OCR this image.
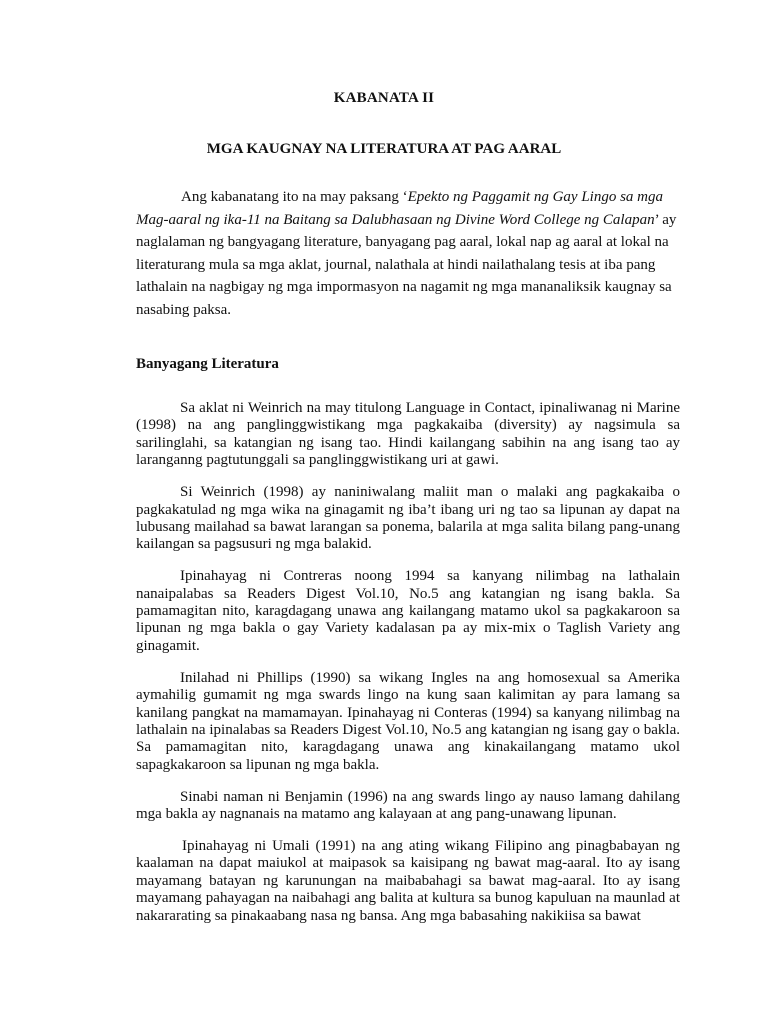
KABANATA II
MGA KAUGNAY NA LITERATURA AT PAG AARAL
Ang kabanatang ito na may paksang ‘Epekto ng Paggamit ng Gay Lingo sa mga Mag-aaral ng ika-11 na Baitang sa Dalubhasaan ng Divine Word College ng Calapan’ ay naglalaman ng bangyagang literature, banyagang pag aaral, lokal nap ag aaral at lokal na literaturang mula sa mga aklat, journal, nalathala at hindi nailathalang tesis at iba pang lathalain na nagbigay ng mga impormasyon na nagamit ng mga mananaliksik kaugnay sa nasabing paksa.
Banyagang Literatura

Sa aklat ni Weinrich na may titulong Language in Contact, ipinaliwanag ni Marine (1998) na ang panglinggwistikang mga pagkakaiba (diversity) ay nagsimula sa sarilinglahi, sa katangian ng isang tao. Hindi kailangang sabihin na ang isang tao ay laranganng pagtutunggali sa panglinggwistikang uri at gawi.

Si Weinrich (1998) ay naniniwalang maliit man o malaki ang pagkakaiba o pagkakatulad ng mga wika na ginagamit ng iba’t ibang uri ng tao sa lipunan ay dapat na lubusang mailahad sa bawat larangan sa ponema, balarila at mga salita bilang pang-unang kailangan sa pagsusuri ng mga balakid.

Ipinahayag ni Contreras noong 1994 sa kanyang nilimbag na lathalain nanaipalabas sa Readers Digest Vol.10, No.5 ang katangian ng isang bakla. Sa pamamagitan nito, karagdagang unawa ang kailangang matamo ukol sa pagkakaroon sa lipunan ng mga bakla o gay Variety kadalasan pa ay mix-mix o Taglish Variety ang ginagamit.

Inilahad ni Phillips (1990) sa wikang Ingles na ang homosexual sa Amerika aymahilig gumamit ng mga swards lingo na kung saan kalimitan ay para lamang sa kanilang pangkat na mamamayan. Ipinahayag ni Conteras (1994) sa kanyang nilimbag na lathalain na ipinalabas sa Readers Digest Vol.10, No.5 ang katangian ng isang gay o bakla. Sa pamamagitan nito, karagdagang unawa ang kinakailangang matamo ukol sapagkakaroon sa lipunan ng mga bakla.

Sinabi naman ni Benjamin (1996) na ang swards lingo ay nauso lamang dahilang mga bakla ay nagnanais na matamo ang kalayaan at ang pang-unawang lipunan.

Ipinahayag ni Umali (1991) na ang ating wikang Filipino ang pinagbabayan ng kaalaman na dapat maiukol at maipasok sa kaisipang ng bawat mag-aaral. Ito ay isang mayamang batayan ng karunungan na maibabahagi sa bawat mag-aaral. Ito ay isang mayamang pahayagan na naibahagi ang balita at kultura sa bunog kapuluan na maunlad at nakararating sa pinakaabang nasa ng bansa. Ang mga babasahing nakikiisa sa bawat
